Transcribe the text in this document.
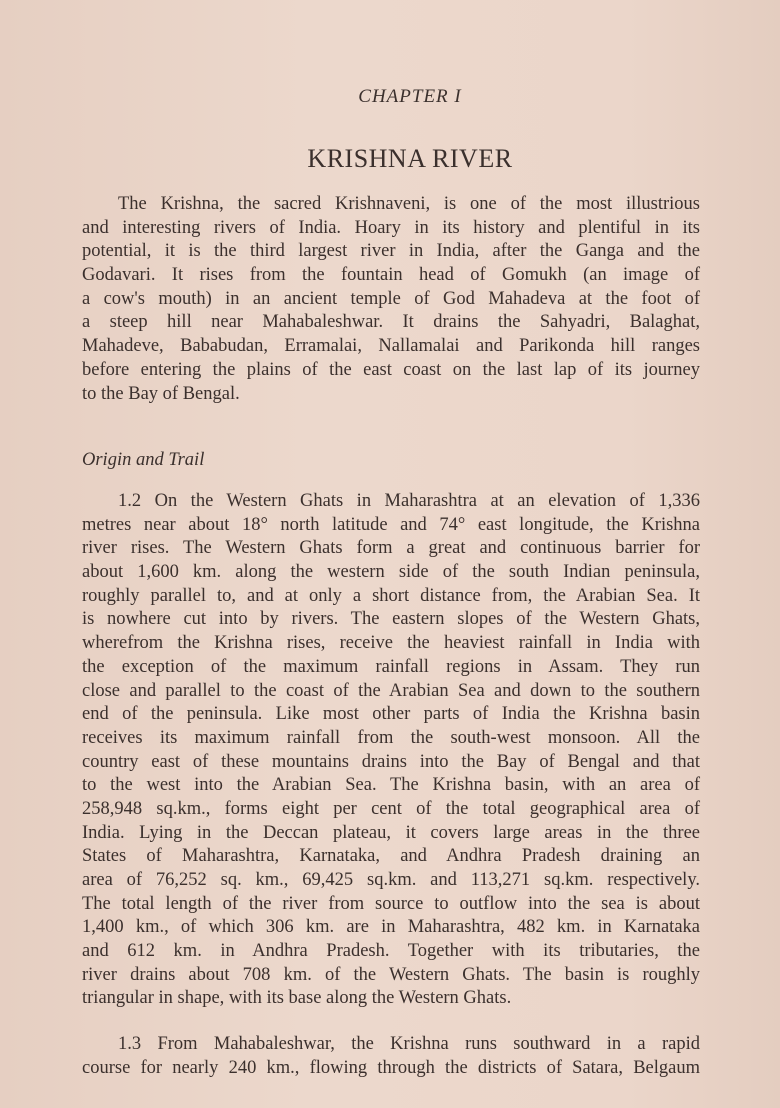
CHAPTER I
KRISHNA RIVER
The Krishna, the sacred Krishnaveni, is one of the most illustrious
and interesting rivers of India. Hoary in its history and plentiful in its
potential, it is the third largest river in India, after the Ganga and the
Godavari. It rises from the fountain head of Gomukh (an image of
a cow's mouth) in an ancient temple of God Mahadeva at the foot of
a steep hill near Mahabaleshwar. It drains the Sahyadri, Balaghat,
Mahadeve, Bababudan, Erramalai, Nallamalai and Parikonda hill ranges
before entering the plains of the east coast on the last lap of its journey
to the Bay of Bengal.
Origin and Trail
1.2 On the Western Ghats in Maharashtra at an elevation of 1,336
metres near about 18° north latitude and 74° east longitude, the Krishna
river rises. The Western Ghats form a great and continuous barrier for
about 1,600 km. along the western side of the south Indian peninsula,
roughly parallel to, and at only a short distance from, the Arabian Sea. It
is nowhere cut into by rivers. The eastern slopes of the Western Ghats,
wherefrom the Krishna rises, receive the heaviest rainfall in India with
the exception of the maximum rainfall regions in Assam. They run
close and parallel to the coast of the Arabian Sea and down to the southern
end of the peninsula. Like most other parts of India the Krishna basin
receives its maximum rainfall from the south-west monsoon. All the
country east of these mountains drains into the Bay of Bengal and that
to the west into the Arabian Sea. The Krishna basin, with an area of
258,948 sq.km., forms eight per cent of the total geographical area of
India. Lying in the Deccan plateau, it covers large areas in the three
States of Maharashtra, Karnataka, and Andhra Pradesh draining an
area of 76,252 sq. km., 69,425 sq.km. and 113,271 sq.km. respectively.
The total length of the river from source to outflow into the sea is about
1,400 km., of which 306 km. are in Maharashtra, 482 km. in Karnataka
and 612 km. in Andhra Pradesh. Together with its tributaries, the
river drains about 708 km. of the Western Ghats. The basin is roughly
triangular in shape, with its base along the Western Ghats.
1.3 From Mahabaleshwar, the Krishna runs southward in a rapid
course for nearly 240 km., flowing through the districts of Satara, Belgaum
